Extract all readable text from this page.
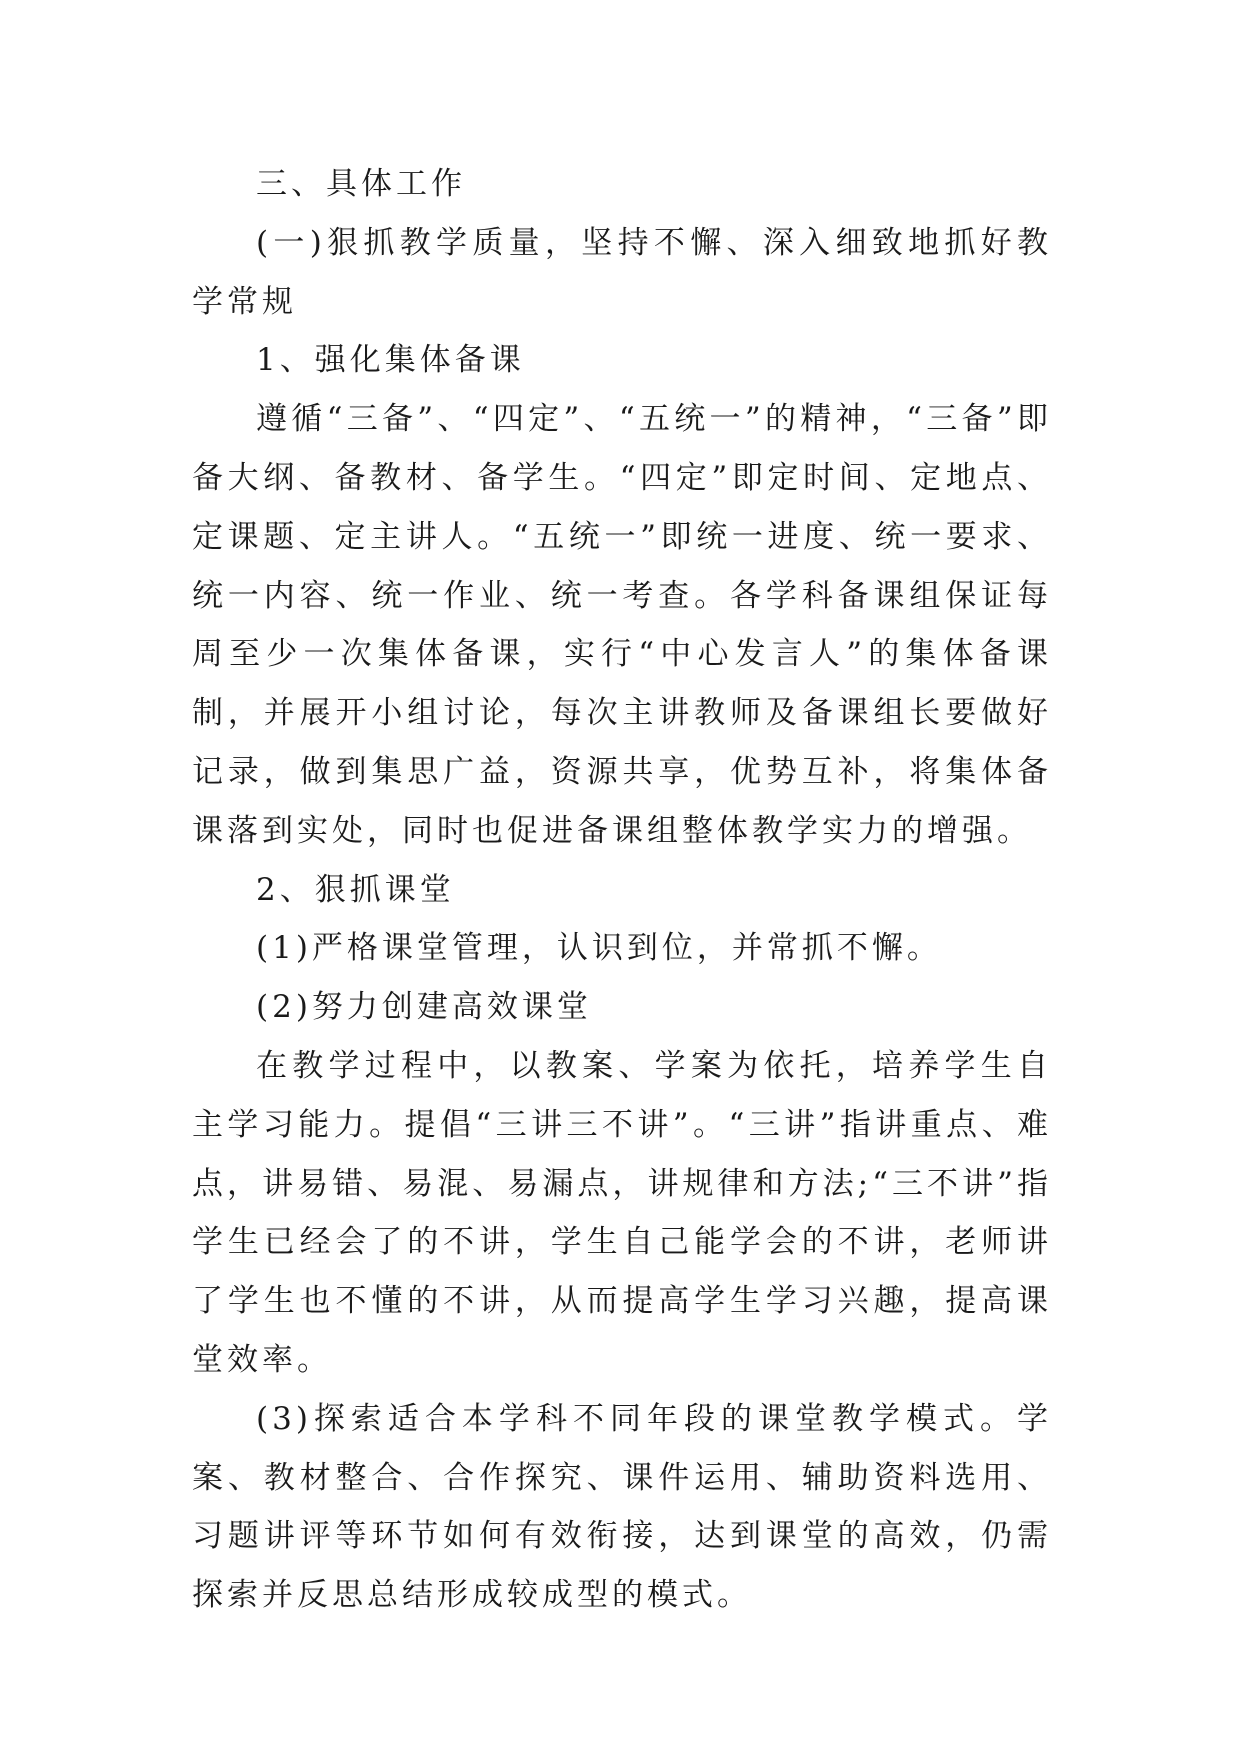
三、具体工作

(一)狠抓教学质量，坚持不懈、深入细致地抓好教学常规

1、强化集体备课

遵循“三备”、“四定”、“五统一”的精神，“三备”即备大纲、备教材、备学生。“四定”即定时间、定地点、定课题、定主讲人。“五统一”即统一进度、统一要求、统一内容、统一作业、统一考查。各学科备课组保证每周至少一次集体备课，实行“中心发言人”的集体备课制，并展开小组讨论，每次主讲教师及备课组长要做好记录，做到集思广益，资源共享，优势互补，将集体备课落到实处，同时也促进备课组整体教学实力的增强。

2、狠抓课堂

(1)严格课堂管理，认识到位，并常抓不懈。

(2)努力创建高效课堂

在教学过程中，以教案、学案为依托，培养学生自主学习能力。提倡“三讲三不讲”。“三讲”指讲重点、难点，讲易错、易混、易漏点，讲规律和方法;“三不讲”指学生已经会了的不讲，学生自己能学会的不讲，老师讲了学生也不懂的不讲，从而提高学生学习兴趣，提高课堂效率。

(3)探索适合本学科不同年段的课堂教学模式。学案、教材整合、合作探究、课件运用、辅助资料选用、习题讲评等环节如何有效衔接，达到课堂的高效，仍需探索并反思总结形成较成型的模式。
